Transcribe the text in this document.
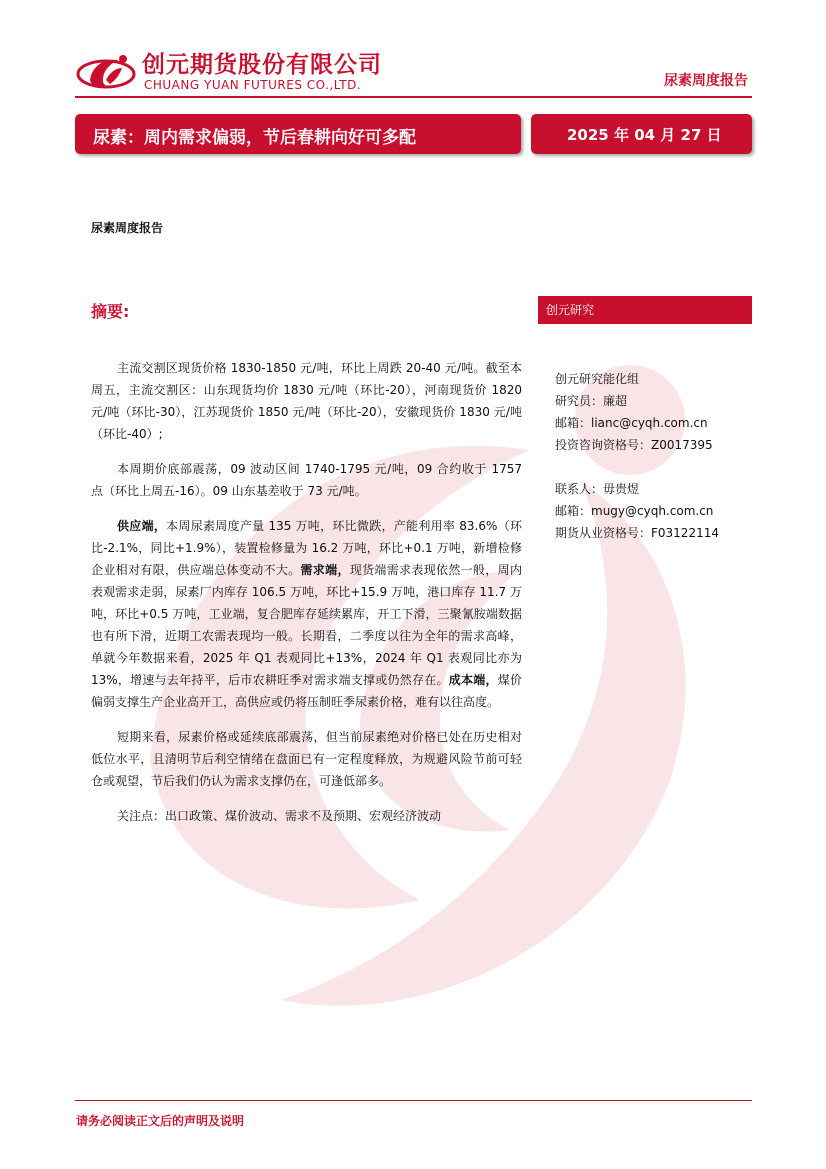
创元期货股份有限公司
CHUANG YUAN FUTURES CO.,LTD.	尿素周度报告
尿素：周内需求偏弱，节后春耕向好可多配	2025 年 04 月 27 日
尿素周度报告
摘要:	创元研究

主流交割区现货价格 1830-1850 元/吨，环比上周跌 20-40 元/吨。截至本周五，主流交割区：山东现货均价 1830 元/吨（环比-20），河南现货价 1820 元/吨（环比-30），江苏现货价 1850 元/吨（环比-20），安徽现货价 1830 元/吨（环比-40）;

本周期价底部震荡，09 波动区间 1740-1795 元/吨，09 合约收于 1757 点（环比上周五-16）。09 山东基差收于 73 元/吨。

供应端，本周尿素周度产量 135 万吨，环比微跌，产能利用率 83.6%（环比-2.1%，同比+1.9%），装置检修量为 16.2 万吨，环比+0.1 万吨，新增检修企业相对有限，供应端总体变动不大。需求端，现货端需求表现依然一般，周内表观需求走弱，尿素厂内库存 106.5 万吨，环比+15.9 万吨，港口库存 11.7 万吨，环比+0.5 万吨，工业端，复合肥库存延续累库，开工下滑，三聚氰胺端数据也有所下滑，近期工农需表现均一般。长期看，二季度以往为全年的需求高峰，单就今年数据来看，2025 年 Q1 表观同比+13%，2024 年 Q1 表观同比亦为 13%，增速与去年持平，后市农耕旺季对需求端支撑或仍然存在。成本端，煤价偏弱支撑生产企业高开工，高供应或仍将压制旺季尿素价格，难有以往高度。

短期来看，尿素价格或延续底部震荡，但当前尿素绝对价格已处在历史相对低位水平，且清明节后利空情绪在盘面已有一定程度释放，为规避风险节前可轻仓或观望，节后我们仍认为需求支撑仍在，可逢低部多。

关注点：出口政策、煤价波动、需求不及预期、宏观经济波动

创元研究能化组
研究员：廉超
邮箱：lianc@cyqh.com.cn
投资咨询资格号：Z0017395
联系人：毋贵煜
邮箱：mugy@cyqh.com.cn
期货从业资格号：F03122114
请务必阅读正文后的声明及说明
